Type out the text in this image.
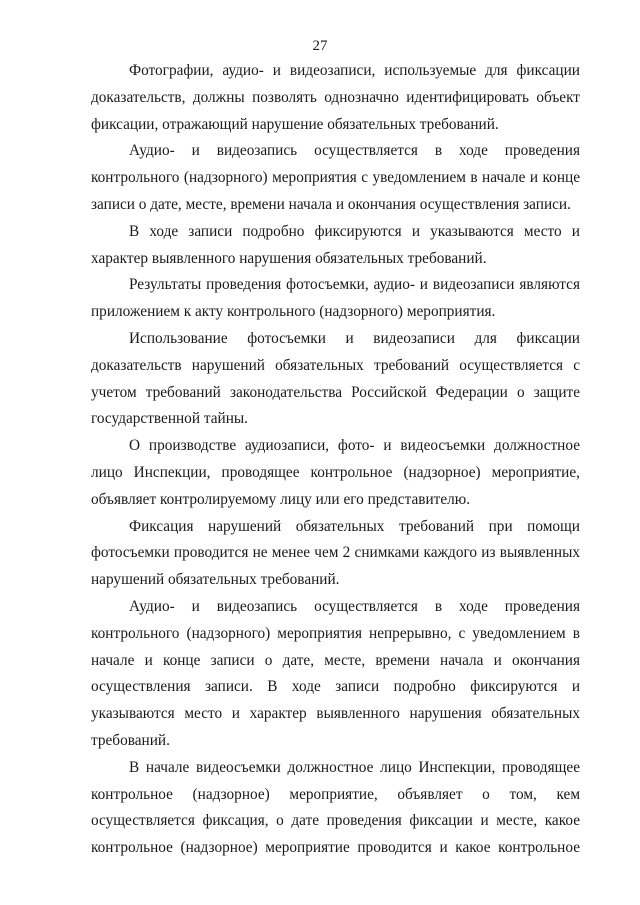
27
Фотографии, аудио- и видеозаписи, используемые для фиксации
доказательств, должны позволять однозначно идентифицировать объект
фиксации, отражающий нарушение обязательных требований.
Аудио- и видеозапись осуществляется в ходе проведения
контрольного (надзорного) мероприятия с уведомлением в начале и конце
записи о дате, месте, времени начала и окончания осуществления записи.
В ходе записи подробно фиксируются и указываются место и
характер выявленного нарушения обязательных требований.
Результаты проведения фотосъемки, аудио- и видеозаписи являются
приложением к акту контрольного (надзорного) мероприятия.
Использование фотосъемки и видеозаписи для фиксации
доказательств нарушений обязательных требований осуществляется с
учетом требований законодательства Российской Федерации о защите
государственной тайны.
О производстве аудиозаписи, фото- и видеосъемки должностное
лицо Инспекции, проводящее контрольное (надзорное) мероприятие,
объявляет контролируемому лицу или его представителю.
Фиксация нарушений обязательных требований при помощи
фотосъемки проводится не менее чем 2 снимками каждого из выявленных
нарушений обязательных требований.
Аудио- и видеозапись осуществляется в ходе проведения
контрольного (надзорного) мероприятия непрерывно, с уведомлением в
начале и конце записи о дате, месте, времени начала и окончания
осуществления записи. В ходе записи подробно фиксируются и
указываются место и характер выявленного нарушения обязательных
требований.
В начале видеосъемки должностное лицо Инспекции, проводящее
контрольное (надзорное) мероприятие, объявляет о том, кем
осуществляется фиксация, о дате проведения фиксации и месте, какое
контрольное (надзорное) мероприятие проводится и какое контрольное
